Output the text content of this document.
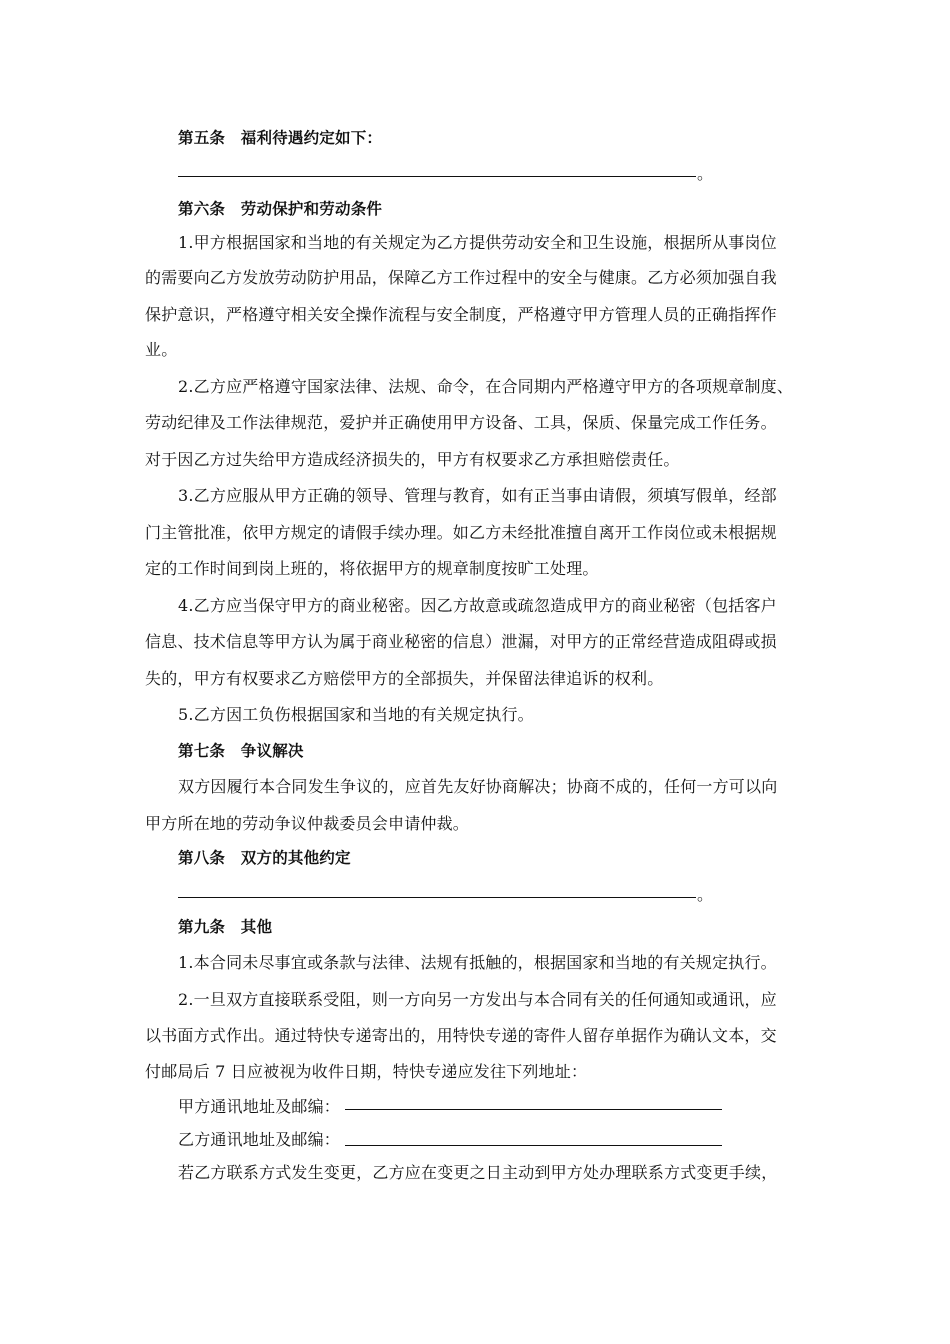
第五条　福利待遇约定如下：
。
第六条　劳动保护和劳动条件
1.甲方根据国家和当地的有关规定为乙方提供劳动安全和卫生设施，根据所从事岗位
的需要向乙方发放劳动防护用品，保障乙方工作过程中的安全与健康。乙方必须加强自我
保护意识，严格遵守相关安全操作流程与安全制度，严格遵守甲方管理人员的正确指挥作
业。
2.乙方应严格遵守国家法律、法规、命令，在合同期内严格遵守甲方的各项规章制度、
劳动纪律及工作法律规范，爱护并正确使用甲方设备、工具，保质、保量完成工作任务。
对于因乙方过失给甲方造成经济损失的，甲方有权要求乙方承担赔偿责任。
3.乙方应服从甲方正确的领导、管理与教育，如有正当事由请假，须填写假单，经部
门主管批准，依甲方规定的请假手续办理。如乙方未经批准擅自离开工作岗位或未根据规
定的工作时间到岗上班的，将依据甲方的规章制度按旷工处理。
4.乙方应当保守甲方的商业秘密。因乙方故意或疏忽造成甲方的商业秘密（包括客户
信息、技术信息等甲方认为属于商业秘密的信息）泄漏，对甲方的正常经营造成阻碍或损
失的，甲方有权要求乙方赔偿甲方的全部损失，并保留法律追诉的权利。
5.乙方因工负伤根据国家和当地的有关规定执行。
第七条　争议解决
双方因履行本合同发生争议的，应首先友好协商解决；协商不成的，任何一方可以向
甲方所在地的劳动争议仲裁委员会申请仲裁。
第八条　双方的其他约定
。
第九条　其他
1.本合同未尽事宜或条款与法律、法规有抵触的，根据国家和当地的有关规定执行。
2.一旦双方直接联系受阻，则一方向另一方发出与本合同有关的任何通知或通讯，应
以书面方式作出。通过特快专递寄出的，用特快专递的寄件人留存单据作为确认文本，交
付邮局后 7 日应被视为收件日期，特快专递应发往下列地址：
甲方通讯地址及邮编：
乙方通讯地址及邮编：
若乙方联系方式发生变更，乙方应在变更之日主动到甲方处办理联系方式变更手续，
